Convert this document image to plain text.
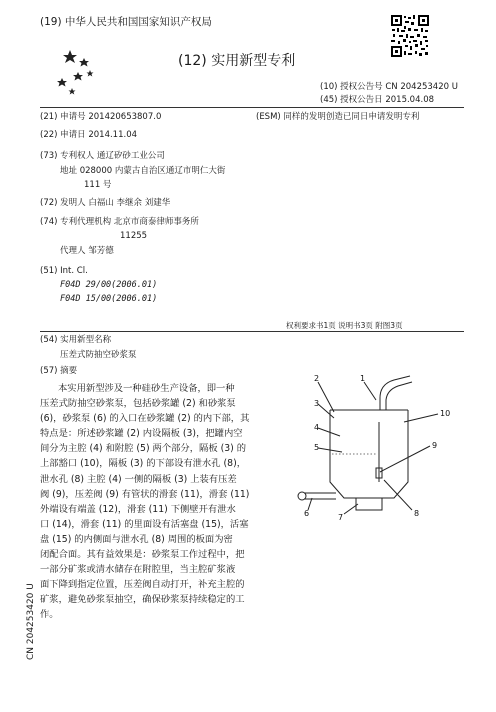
(19) 中华人民共和国国家知识产权局
(12) 实用新型专利
(10) 授权公告号 CN 204253420 U
(45) 授权公告日 2015.04.08
(21) 申请号 201420653807.0	(ESM) 同样的发明创造已同日申请发明专利
(22) 申请日 2014.11.04
(73) 专利权人 通辽矽砂工业公司
地址 028000 内蒙古自治区通辽市明仁大街
111 号
(72) 发明人 白福山 李继余 刘建华
(74) 专利代理机构 北京市商泰律师事务所
11255
代理人 邹芳德
(51) Int. Cl.
F04D 29/00(2006.01)
F04D 15/00(2006.01)
权利要求书1页 说明书3页 附图3页
(54) 实用新型名称
压差式防抽空砂浆泵
(57) 摘要

本实用新型涉及一种硅砂生产设备，即一种

压差式防抽空砂浆泵，包括砂浆罐 (2) 和砂浆泵

(6)，砂浆泵 (6) 的入口在砂浆罐 (2) 的内下部，其

特点是：所述砂浆罐 (2) 内设隔板 (3)，把罐内空

间分为主腔 (4) 和附腔 (5) 两个部分，隔板 (3) 的

上部豁口 (10)，隔板 (3) 的下部设有泄水孔 (8)，

泄水孔 (8) 主腔 (4) 一侧的隔板 (3) 上装有压差

阀 (9)，压差阀 (9) 有管状的滑套 (11)，滑套 (11)

外端设有端盖 (12)，滑套 (11) 下侧壁开有泄水

口 (14)，滑套 (11) 的里面设有活塞盘 (15)，活塞

盘 (15) 的内侧面与泄水孔 (8) 周围的板面为密

闭配合面。其有益效果是：砂浆泵工作过程中，把

一部分矿浆或清水储存在附腔里，当主腔矿浆液

面下降到指定位置，压差阀自动打开，补充主腔的

矿浆，避免砂浆泵抽空，确保砂浆泵持续稳定的工

作。

1
2
3
4
5
6	7	8
9
10
CN 204253420 U
